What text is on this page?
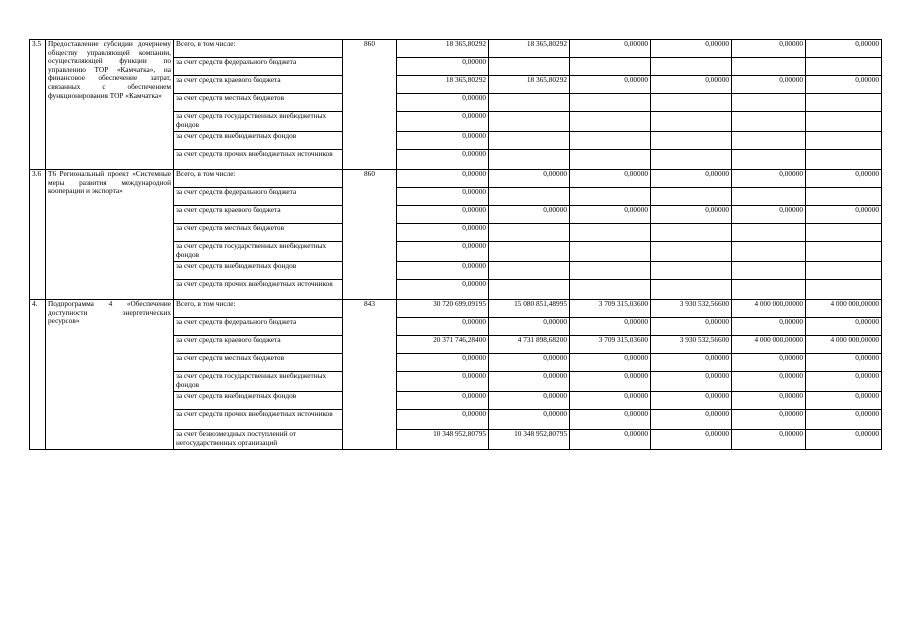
3.5	Предоставление субсидии дочернему обществу управляющей компании, осуществляющей функции по управлению ТОР «Камчатка», на финансовое обеспечение затрат, связанных с обеспечением функционирования ТОР «Камчатка»	Всего, в том числе:	860	18 365,80292	18 365,80292	0,00000	0,00000	0,00000	0,00000
		за счет средств федерального бюджета		0,00000					
		за счет средств краевого бюджета		18 365,80292	18 365,80292	0,00000	0,00000	0,00000	0,00000
		за счет средств местных бюджетов		0,00000					
		за счет средств государственных внебюджетных фондов		0,00000					
		за счет средств внебюджетных фондов		0,00000					
		за счет средств прочих внебюджетных источников		0,00000					
3.6	Т6 Региональный проект «Системные меры развития международной кооперации и экспорта»	Всего, в том числе:	860	0,00000	0,00000	0,00000	0,00000	0,00000	0,00000
		за счет средств федерального бюджета		0,00000					
		за счет средств краевого бюджета		0,00000	0,00000	0,00000	0,00000	0,00000	0,00000
		за счет средств местных бюджетов		0,00000					
		за счет средств государственных внебюджетных фондов		0,00000					
		за счет средств внебюджетных фондов		0,00000					
		за счет средств прочих внебюджетных источников		0,00000					
4.	Подпрограмма 4 «Обеспечение доступности энергетических ресурсов»	Всего, в том числе:	843	30 720 699,09195	15 080 851,48995	3 709 315,03600	3 930 532,56600	4 000 000,00000	4 000 000,00000
		за счет средств федерального бюджета		0,00000	0,00000	0,00000	0,00000	0,00000	0,00000
		за счет средств краевого бюджета		20 371 746,28400	4 731 898,68200	3 709 315,03600	3 930 532,56600	4 000 000,00000	4 000 000,00000
		за счет средств местных бюджетов		0,00000	0,00000	0,00000	0,00000	0,00000	0,00000
		за счет средств государственных внебюджетных фондов		0,00000	0,00000	0,00000	0,00000	0,00000	0,00000
		за счет средств внебюджетных фондов		0,00000	0,00000	0,00000	0,00000	0,00000	0,00000
		за счет средств прочих внебюджетных источников		0,00000	0,00000	0,00000	0,00000	0,00000	0,00000
		за счет безвозмездных поступлений от негосударственных организаций		10 348 952,80795	10 348 952,80795	0,00000	0,00000	0,00000	0,00000
